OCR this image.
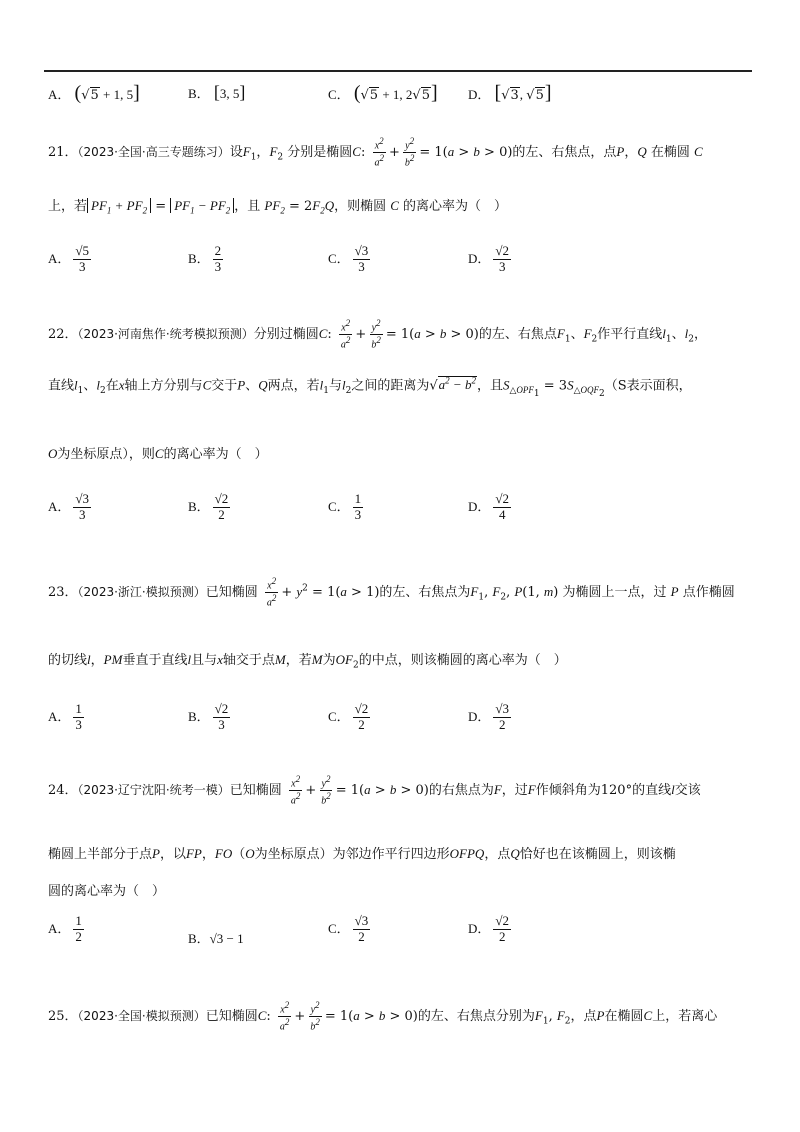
A． (√5 + 1, 5]	B． [3, 5]	C． (√5 + 1, 2√5] D． [√3, √5]
21．（2023·全国·高三专题练习）设$F_1$，$F_2$ 分别是椭圆C: $\frac{x^2}{a^2} + \frac{y^2}{b^2} = 1(a > b > 0)$的左、右焦点，点P，Q 在椭圆 C
上，若 $PF_1 + PF_2 = PF_1 - PF_2$ ，且 $PF_2 = 2F_2Q$，则椭圆 C 的离心率为（　）
A． $\frac{√5}{3}$	B． $\frac{2}{3}$	C． $\frac{√3}{3}$	D． $\frac{√2}{3}$
22．（2023·河南焦作·统考模拟预测）分别过椭圆C: $\frac{x^2}{a^2} + \frac{y^2}{b^2} = 1(a > b > 0)$的左、右焦点$F_1$、$F_2$作平行直线$l_1$、$l_2$，
直线$l_1$、$l_2$在x轴上方分别与C交于P、Q两点，若$l_1$与$l_2$之间的距离为$√a^2 - b^2$，且$S_{\triangle OPF_1} = 3S_{\triangle OQF_2}(S$表示面积，
O为坐标原点），则C的离心率为（　）
A． $\frac{√3}{3}$	B． $\frac{√2}{2}$	C． $\frac{1}{3}$	D． $\frac{√2}{4}$
23．（2023·浙江·模拟预测）已知椭圆 $\frac{x^2}{a^2} + y^2 = 1(a > 1)$的左、右焦点为$F_1$, $F_2$, P(1, m) 为椭圆上一点，过 P 点作椭圆
的切线l，PM垂直于直线l且与x轴交于点M，若M为$OF_2$的中点，则该椭圆的离心率为（　）
A． $\frac{1}{3}$	B． $\frac{√2}{3}$	C． $\frac{√2}{2}$	D． $\frac{√3}{2}$
24．（2023·辽宁沈阳·统考一模）已知椭圆 $\frac{x^2}{a^2} + \frac{y^2}{b^2} = 1(a > b > 0)$的右焦点为F，过F作倾斜角为120°的直线l交该
椭圆上半部分于点P，以FP，FO（O为坐标原点）为邻边作平行四边形OFPQ，点Q恰好也在该椭圆上，则该椭
圆的离心率为（　）
A． $\frac{1}{2}$	B．√3 − 1
C． $\frac{√3}{2}$	D． $\frac{√2}{2}$
25．（2023·全国·模拟预测）已知椭圆C: $\frac{x^2}{a^2} + \frac{y^2}{b^2} = 1(a > b > 0)$的左、右焦点分别为$F_1$, $F_2$，点P在椭圆C上，若离心
